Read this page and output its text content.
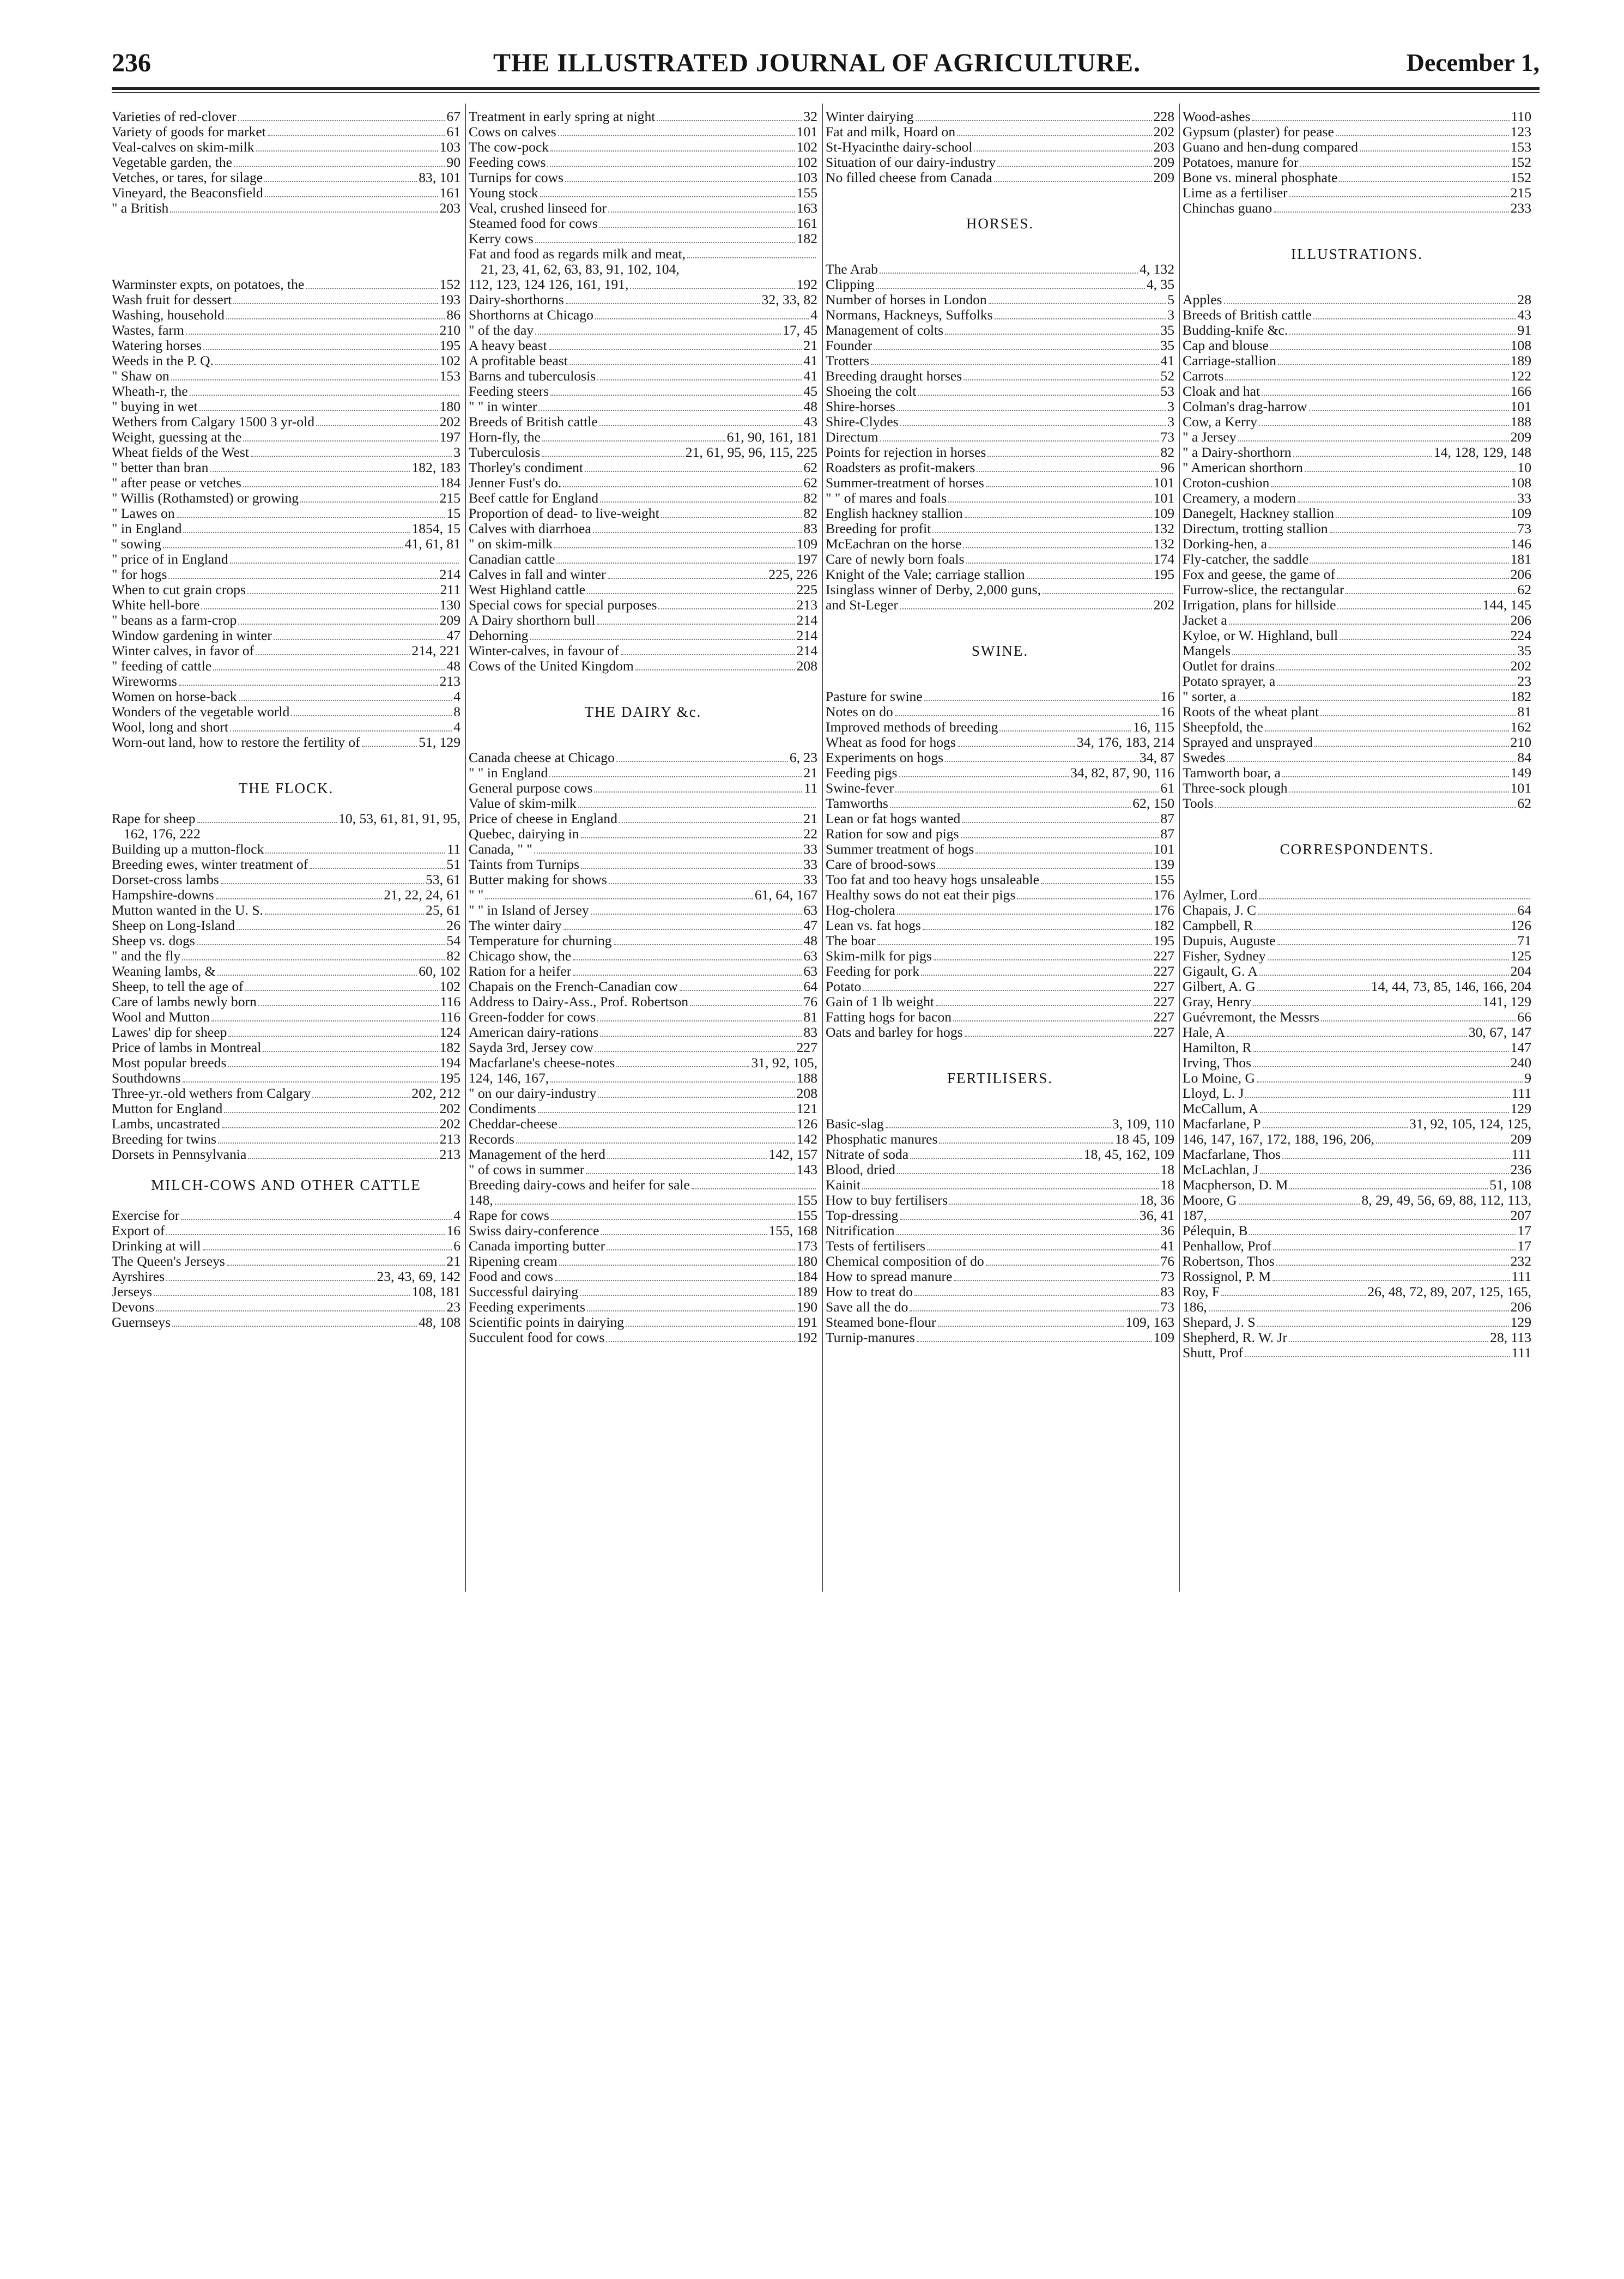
236	THE ILLUSTRATED JOURNAL OF AGRICULTURE.	December 1,
Varieties of red-clover	67
Variety of goods for market	61
Veal-calves on skim-milk	103
Vegetable garden, the	90
Vetches, or tares, for silage	83, 101
Vineyard, the Beaconsfield	161
" a British	203
Warminster expts, on potatoes, the	152
Wash fruit for dessert	193
Washing, household	86
Wastes, farm	210
Watering horses	195
Weeds in the P. Q.	102
" Shaw on	153
Wheath-r, the
" buying in wet	180
Wethers from Calgary 1500 3 yr-old	202
Weight, guessing at the	197
Wheat fields of the West	3
" better than bran	182, 183
" after pease or vetches	184
" Willis (Rothamsted) or growing	215
" Lawes on	15
" in England	1854, 15
" sowing	41, 61, 81
" price of in England
" for hogs	214
When to cut grain crops	211
White hell-bore	130
" beans as a farm-crop	209
Window gardening in winter	47
Winter calves, in favor of	214, 221
" feeding of cattle	48
Wireworms	213
Women on horse-back	4
Wonders of the vegetable world	8
Wool, long and short	4
Worn-out land, how to restore the fertility of	51, 129
THE FLOCK.
Rape for sheep	10, 53, 61, 81, 91, 95,
162, 176, 222
Building up a mutton-flock	11
Breeding ewes, winter treatment of	51
Dorset-cross lambs	53, 61
Hampshire-downs	21, 22, 24, 61
Mutton wanted in the U. S.	25, 61
Sheep on Long-Island	26
Sheep vs. dogs	54
" and the fly	82
Weaning lambs, &	60, 102
Sheep, to tell the age of	102
Care of lambs newly born	116
Wool and Mutton	116
Lawes' dip for sheep	124
Price of lambs in Montreal	182
Most popular breeds	194
Southdowns	195
Three-yr.-old wethers from Calgary	202, 212
Mutton for England	202
Lambs, uncastrated	202
Breeding for twins	213
Dorsets in Pennsylvania	213
MILCH-COWS AND OTHER CATTLE
Exercise for	4
Export of	16
Drinking at will	6
The Queen's Jerseys	21
Ayrshires	23, 43, 69, 142
Jerseys	108, 181
Devons	23
Guernseys	48, 108
Treatment in early spring at night	32
Cows on calves	101
The cow-pock	102
Feeding cows	102
Turnips for cows	103
Young stock	155
Veal, crushed linseed for	163
Steamed food for cows	161
Kerry cows	182
Fat and food as regards milk and meat,
21, 23, 41, 62, 63, 83, 91, 102, 104,
112, 123, 124 126, 161, 191,	192
Dairy-shorthorns	32, 33, 82
Shorthorns at Chicago	4
" of the day	17, 45
A heavy beast	21
A profitable beast	41
Barns and tuberculosis	41
Feeding steers	45
" " in winter	48
Breeds of British cattle	43
Horn-fly, the	61, 90, 161, 181
Tuberculosis	21, 61, 95, 96, 115, 225
Thorley's condiment	62
Jenner Fust's do.	62
Beef cattle for England	82
Proportion of dead- to live-weight	82
Calves with diarrhoea	83
" on skim-milk	109
Canadian cattle	197
Calves in fall and winter	225, 226
West Highland cattle	225
Special cows for special purposes	213
A Dairy shorthorn bull	214
Dehorning	214
Winter-calves, in favour of	214
Cows of the United Kingdom	208
THE DAIRY &c.
Canada cheese at Chicago	6, 23
" " in England	21
General purpose cows	11
Value of skim-milk
Price of cheese in England	21
Quebec, dairying in	22
Canada, " "	33
Taints from Turnips	33
Butter making for shows	33
" "	61, 64, 167
" " in Island of Jersey	63
The winter dairy	47
Temperature for churning	48
Chicago show, the	63
Ration for a heifer	63
Chapais on the French-Canadian cow	64
Address to Dairy-Ass., Prof. Robertson	76
Green-fodder for cows	81
American dairy-rations	83
Sayda 3rd, Jersey cow	227
Macfarlane's cheese-notes	31, 92, 105,
124, 146, 167,	188
" on our dairy-industry	208
Condiments	121
Cheddar-cheese	126
Records	142
Management of the herd	142, 157
" of cows in summer	143
Breeding dairy-cows and heifer for sale
148,	155
Rape for cows	155
Swiss dairy-conference	155, 168
Canada importing butter	173
Ripening cream	180
Food and cows	184
Successful dairying	189
Feeding experiments	190
Scientific points in dairying	191
Succulent food for cows	192
Winter dairying	228
Fat and milk, Hoard on	202
St-Hyacinthe dairy-school	203
Situation of our dairy-industry	209
No filled cheese from Canada	209
HORSES.
The Arab	4, 132
Clipping	4, 35
Number of horses in London	5
Normans, Hackneys, Suffolks	3
Management of colts	35
Founder	35
Trotters	41
Breeding draught horses	52
Shoeing the colt	53
Shire-horses	3
Shire-Clydes	3
Directum	73
Points for rejection in horses	82
Roadsters as profit-makers	96
Summer-treatment of horses	101
" " of mares and foals	101
English hackney stallion	109
Breeding for profit	132
McEachran on the horse	132
Care of newly born foals	174
Knight of the Vale; carriage stallion	195
Isinglass winner of Derby, 2,000 guns,
and St-Leger	202
SWINE.
Pasture for swine	16
Notes on do	16
Improved methods of breeding	16, 115
Wheat as food for hogs	34, 176, 183, 214
Experiments on hogs	34, 87
Feeding pigs	34, 82, 87, 90, 116
Swine-fever	61
Tamworths	62, 150
Lean or fat hogs wanted	87
Ration for sow and pigs	87
Summer treatment of hogs	101
Care of brood-sows	139
Too fat and too heavy hogs unsaleable	155
Healthy sows do not eat their pigs	176
Hog-cholera	176
Lean vs. fat hogs	182
The boar	195
Skim-milk for pigs	227
Feeding for pork	227
Potato	227
Gain of 1 lb weight	227
Fatting hogs for bacon	227
Oats and barley for hogs	227
FERTILISERS.
Basic-slag	3, 109, 110
Phosphatic manures	18 45, 109
Nitrate of soda	18, 45, 162, 109
Blood, dried	18
Kainit	18
How to buy fertilisers	18, 36
Top-dressing	36, 41
Nitrification	36
Tests of fertilisers	41
Chemical composition of do	76
How to spread manure	73
How to treat do	83
Save all the do	73
Steamed bone-flour	109, 163
Turnip-manures	109
Wood-ashes	110
Gypsum (plaster) for pease	123
Guano and hen-dung compared	153
Potatoes, manure for	152
Bone vs. mineral phosphate	152
Lime as a fertiliser	215
Chinchas guano	233
ILLUSTRATIONS.
Apples	28
Breeds of British cattle	43
Budding-knife &c.	91
Cap and blouse	108
Carriage-stallion	189
Carrots	122
Cloak and hat	166
Colman's drag-harrow	101
Cow, a Kerry	188
" a Jersey	209
" a Dairy-shorthorn	14, 128, 129, 148
" American shorthorn	10
Croton-cushion	108
Creamery, a modern	33
Danegelt, Hackney stallion	109
Directum, trotting stallion	73
Dorking-hen, a	146
Fly-catcher, the saddle	181
Fox and geese, the game of	206
Furrow-slice, the rectangular	62
Irrigation, plans for hillside	144, 145
Jacket a	206
Kyloe, or W. Highland, bull	224
Mangels	35
Outlet for drains	202
Potato sprayer, a	23
" sorter, a	182
Roots of the wheat plant	81
Sheepfold, the	162
Sprayed and unsprayed	210
Swedes	84
Tamworth boar, a	149
Three-sock plough	101
Tools	62
CORRESPONDENTS.
Aylmer, Lord
Chapais, J. C	64
Campbell, R	126
Dupuis, Auguste	71
Fisher, Sydney	125
Gigault, G. A	204
Gilbert, A. G	14, 44, 73, 85, 146, 166, 204
Gray, Henry	141, 129
Guévremont, the Messrs	66
Hale, A	30, 67, 147
Hamilton, R	147
Irving, Thos	240
Lo Moine, G	9
Lloyd, L. J	111
McCallum, A	129
Macfarlane, P	31, 92, 105, 124, 125,
146, 147, 167, 172, 188, 196, 206,	209
Macfarlane, Thos	111
McLachlan, J	236
Macpherson, D. M	51, 108
Moore, G	8, 29, 49, 56, 69, 88, 112, 113,
187,	207
Pélequin, B	17
Penhallow, Prof	17
Robertson, Thos	232
Rossignol, P. M	111
Roy, F	26, 48, 72, 89, 207, 125, 165,
186,	206
Shepard, J. S	129
Shepherd, R. W. Jr	28, 113
Shutt, Prof	111
